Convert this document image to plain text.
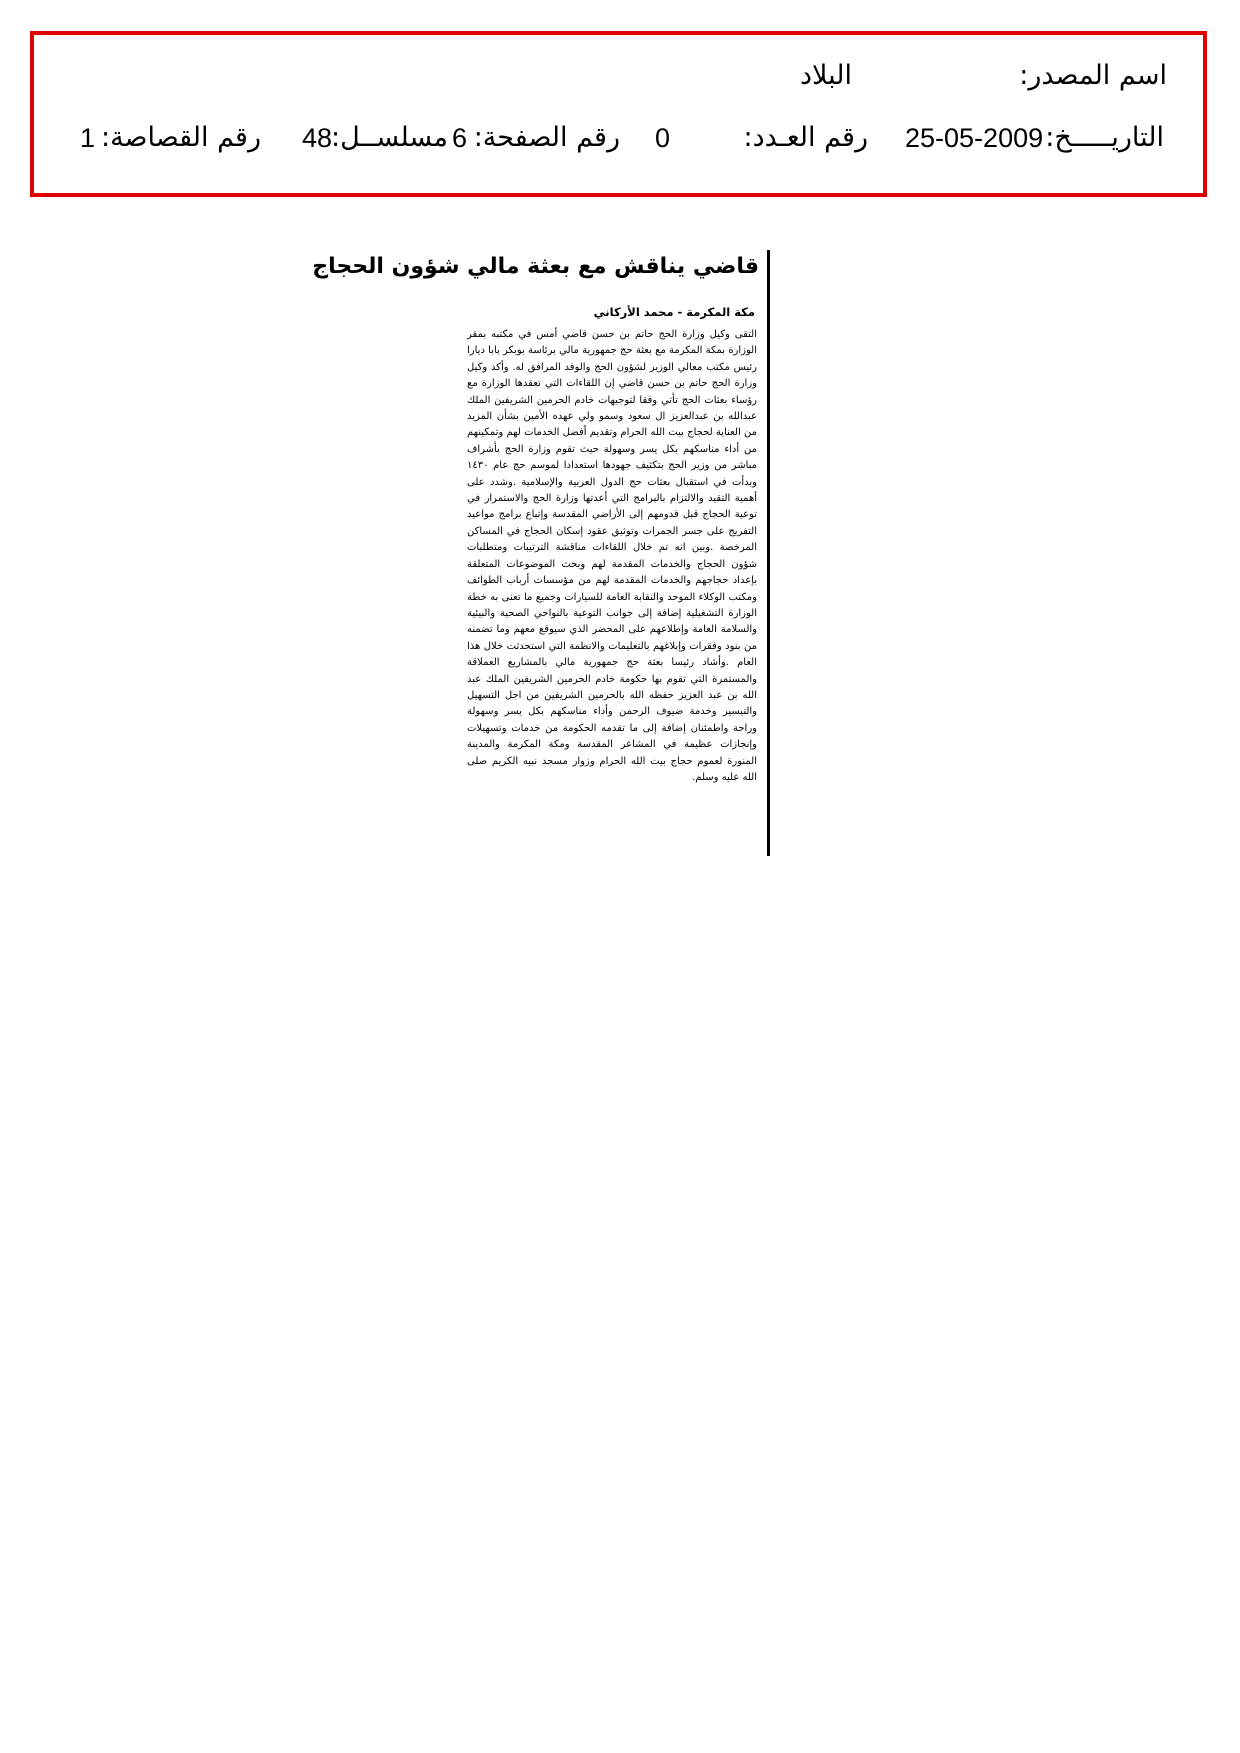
اسم المصدر:
البلاد
التاريـــــخ:
25-05-2009
رقم العـدد:
0
رقم الصفحة:
6
مسلســل:
48
رقم القصاصة:
1
قاضي يناقش مع بعثة مالي شؤون الحجاج
مكة المكرمة - محمد الأركاني
التقى وكيل وزارة الحج حاتم بن حسن قاضي أمس في مكتبه بمقر الوزارة بمكة المكرمة مع بعثة حج جمهورية مالي برئاسة بوبكر بابا ديارا رئيس مكتب معالي الوزير لشؤون الحج والوفد المرافق له. وأكد وكيل وزارة الحج حاتم بن حسن قاضي إن اللقاءات التي تعقدها الوزارة مع رؤساء بعثات الحج تأتي وفقا لتوجيهات خادم الحرمين الشريفين الملك عبدالله بن عبدالعزيز ال سعود وسمو ولي عهده الأمين بشأن المزيد من العناية لحجاج بيت الله الحرام وتقديم أفضل الخدمات لهم وتمكينهم من أداء مناسكهم بكل يسر وسهولة حيث تقوم وزارة الحج بأشراف مباشر من وزير الحج بتكثيف جهودها استعدادا لموسم حج عام ١٤٣٠ وبدأت في استقبال بعثات حج الدول العربية والإسلامية .وشدد على أهمية التقيد والالتزام بالبرامج التي أعدتها وزارة الحج والاستمرار في توعية الحجاج قبل قدومهم إلى الأراضي المقدسة وإتباع برامج مواعيد التفريج على جسر الجمرات وتوثيق عقود إسكان الحجاج في المساكن المرخصة .وبين انه تم خلال اللقاءات مناقشة الترتيبات ومتطلبات شؤون الحجاج والخدمات المقدمة لهم وبحث الموضوعات المتعلقة بإعداد حجاجهم والخدمات المقدمة لهم من مؤسسات أرباب الطوائف ومكتب الوكلاء الموحد والنقابة العامة للسيارات وجميع ما تعنى به خطة الوزارة التشغيلية إضافة إلى جوانب التوعية بالنواحي الصحية والبيئية والسلامة العامة وإطلاعهم على المحضر الذي سيوقع معهم وما تضمنه من بنود وفقرات وإبلاغهم بالتعليمات والانظمة التي استحدثت خلال هذا العام .وأشاد رئيسا بعثة حج جمهورية مالي بالمشاريع العملاقة والمستمرة التي تقوم بها حكومة خادم الحرمين الشريفين الملك عبد الله بن عبد العزيز حفظه الله بالحرمين الشريفين من اجل التسهيل والتيسير وخدمة ضيوف الرحمن وأداء مناسكهم بكل يسر وسهولة وراحة واطمئنان إضافة إلى ما تقدمه الحكومة من خدمات وتسهيلات وإنجازات عظيمة في المشاعر المقدسة ومكة المكرمة والمدينة المنورة لعموم حجاج بيت الله الحرام وزوار مسجد نبيه الكريم صلى الله عليه وسلم.
